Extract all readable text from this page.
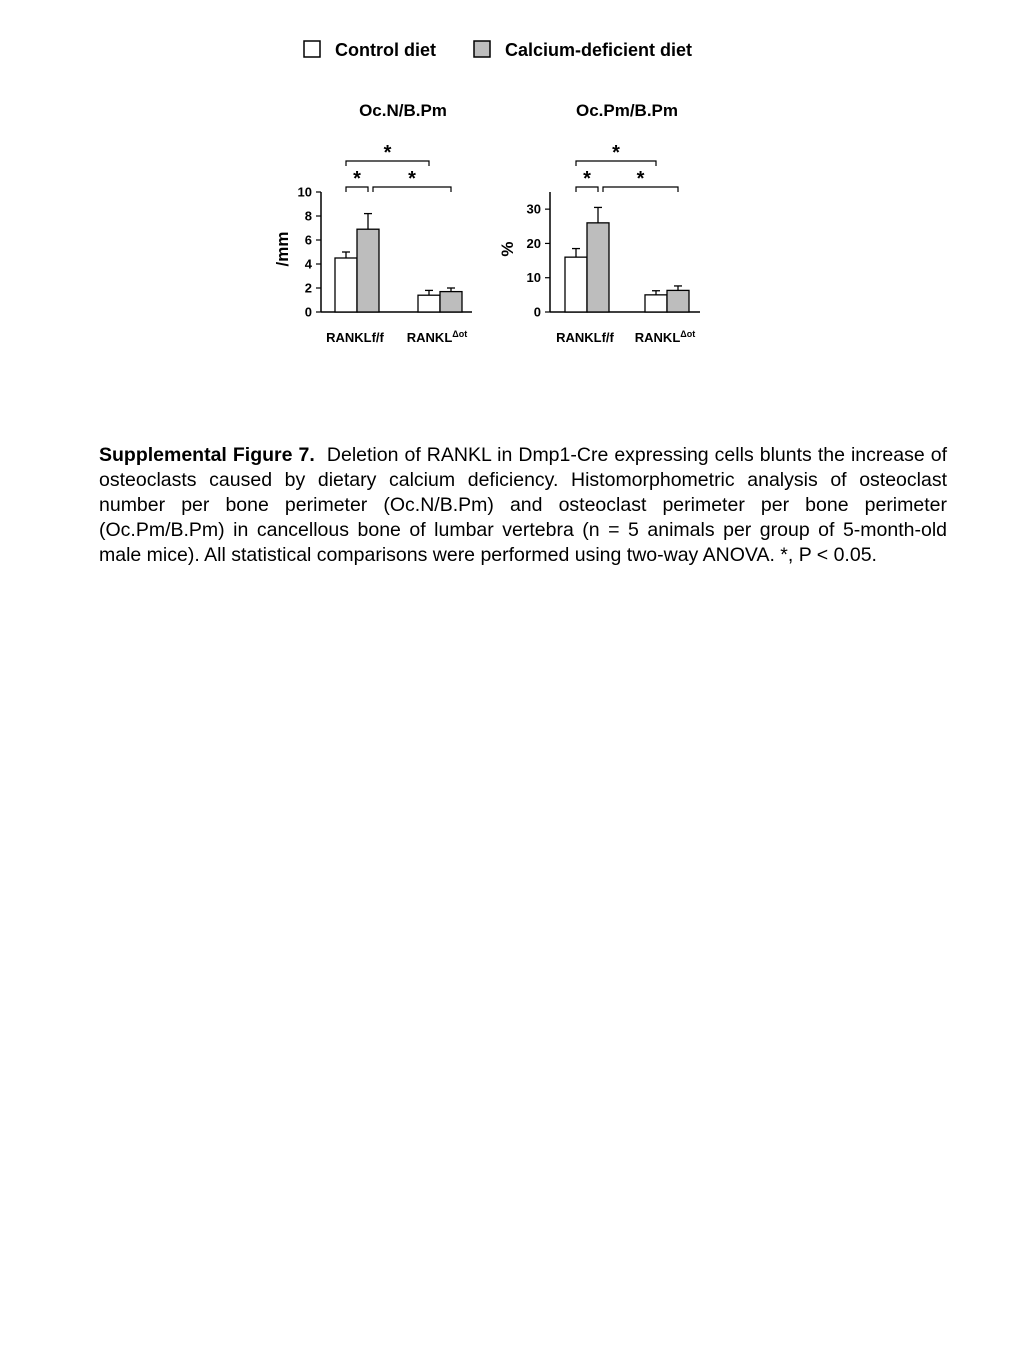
Control diet	Calcium-deficient diet
Oc.N/B.Pm
/mm
0
2
4
6
8
10
RANKLf/f $RANKL^{\Delta ot}$
* *
*
Oc.Pm/B.Pm
%
0
10
20
30
RANKLf/f $RANKL^{\Delta ot}$
* *
*
Supplemental Figure 7. Deletion of RANKL in Dmp1-Cre expressing cells blunts the increase of osteoclasts caused by dietary calcium deficiency. Histomorphometric analysis of osteoclast number per bone perimeter (Oc.N/B.Pm) and osteoclast perimeter per bone perimeter (Oc.Pm/B.Pm) in cancellous bone of lumbar vertebra (n = 5 animals per group of 5-month-old male mice). All statistical comparisons were performed using two-way ANOVA. *, P < 0.05.
